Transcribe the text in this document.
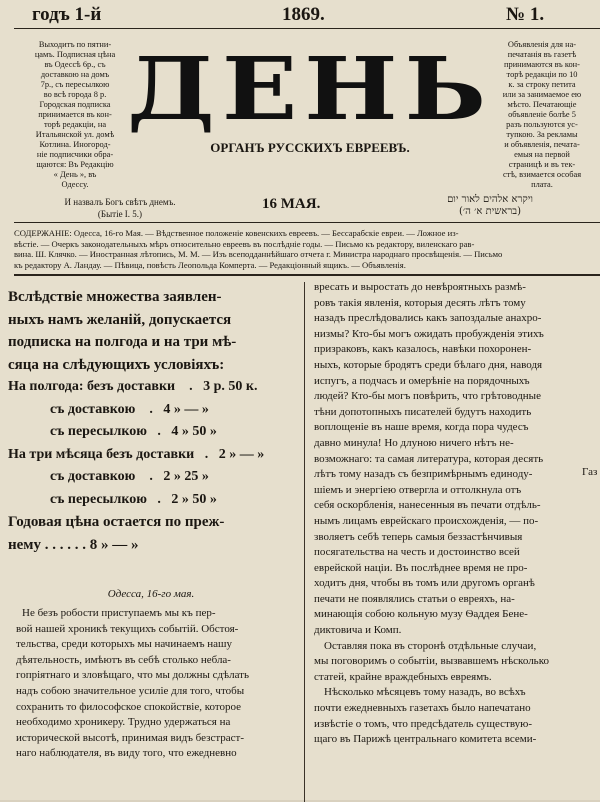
годъ 1-й	1869.	№ 1.
Выходитъ по пятни-
цамъ. Подписная цѣна
въ Одессѣ 6р., съ
доставкою на домъ
7р., съ пересылкою
во всѣ города 8 р.
Городская подписка
принимается въ кон-
торѣ редакціи, на
Итальянской ул. домѣ
Котлина. Иногород-
ніе подписчики обра-
щаются: Въ Редакцію
« День », въ
Одессу.
Объявленія для на-
печатанія въ газетѣ
принимаются въ кон-
торѣ редакціи по 10
к. за строку петита
или за занимаемое ею
мѣсто. Печатающіе
объявленіе болѣе 5
разъ пользуются ус-
тупкою. За рекламы
и объявленія, печата-
емыя на первой
страницѣ и въ тек-
стѣ, взимается особая
плата.
ДЕНЬ
ОРГАНЪ РУССКИХЪ ЕВРЕЕВЪ.
И назвалъ Богъ свѣтъ днемъ.
(Бытіе I. 5.)
16 МАЯ.	ויקרא אלהים לאור יום
(בראשית א׳ ה׳)
СОДЕРЖАНІЕ: Одесса, 16-го Мая. — Вѣдственное положеніе ковенскихъ евреевъ. — Бессарабскіе евреи. — Ложное из-
вѣстіе. — Очеркъ законодательныхъ мѣръ относительно евреевъ въ послѣдніе годы. — Письмо къ редактору, виленскаго рав-
вина. Ш. Клячко. — Иностранная лѣтопись, М. М. — Изъ всеподданнѣйшаго отчета г. Министра народнаго просвѣщенія. — Письмо
къ редактору А. Ландау. — Пѣвица, повѣсть Леопольда Комперта. — Редакціонный ящикъ. — Объявленія.
Вслѣдствіе множества заявлен-
ныхъ намъ желаній, допускается
подписка на полгода и на три мѣ-
сяца на слѣдующихъ условіяхъ:
На полгода: безъ доставки    .   3 р. 50 к.
съ доставкою    .   4 » — »
съ пересылкою   .   4 » 50 »
На три мѣсяца безъ доставки   .   2 » — »
съ доставкою    .   2 » 25 »
съ пересылкою   .   2 » 50 »
Годовая цѣна остается по преж-
нему . . . . . . 8 » — »
Одесса, 16-го мая.
Не безъ робости приступаемъ мы къ пер-
вой нашей хроникѣ текущихъ событій. Обстоя-
тельства, среди которыхъ мы начинаемъ нашу
дѣятельность, имѣютъ въ себѣ столько небла-
гопріятнаго и зловѣщаго, что мы должны сдѣлать
надъ собою значительное усиліе для того, чтобы
сохранить то философское спокойствіе, которое
необходимо хроникеру. Трудно удержаться на
исторической высотѣ, принимая видъ безстраст-
наго наблюдателя, въ виду того, что ежедневно
вресать и выростать до невѣроятныхъ размѣ-
ровъ такія явленія, которыя десять лѣтъ тому
назадъ преслѣдовались какъ запоздалые анахро-
низмы? Кто-бы могъ ожидать пробужденія этихъ
призраковъ, какъ казалось, навѣки похоронен-
ныхъ, которые бродятъ среди бѣлаго дня, наводя
испугъ, а подчасъ и омерѣніе на порядочныхъ
людей? Кто-бы могъ повѣрить, что грѣтоводные
тѣни допотопныхъ писателей будутъ находить
воплощеніе въ наше время, когда пора чудесъ
давно минула! Но длуною ничего нѣтъ не-
возможнаго: та самая литература, которая десять
лѣтъ тому назадъ съ безпримѣрнымъ единоду-
шіемъ и энергіею отвергла и оттолкнула отъ
себя оскорбленія, нанесенныя въ печати отдѣль-
нымъ лицамъ еврейскаго происхожденія, — по-
зволяетъ себѣ теперь самыя беззастѣнчивыя
посягательства на честь и достоинство всей
еврейской націи. Въ послѣднее время не про-
ходитъ дня, чтобы въ томъ или другомъ органѣ
печати не появлялись статьи о евреяхъ, на-
минающія собою кольную музу Ѳаддея Бене-
диктовича и Комп.
Оставляя пока въ сторонѣ отдѣльные случаи,
мы поговоримъ о событіи, вызвавшемъ нѣсколько
статей, крайне враждебныхъ евреямъ.
Нѣсколько мѣсяцевъ тому назадъ, во всѣхъ
почти ежедневныхъ газетахъ было напечатано
извѣстіе о томъ, что предсѣдатель существую-
щаго въ Парижѣ центральнаго комитета всеми-
Газ
